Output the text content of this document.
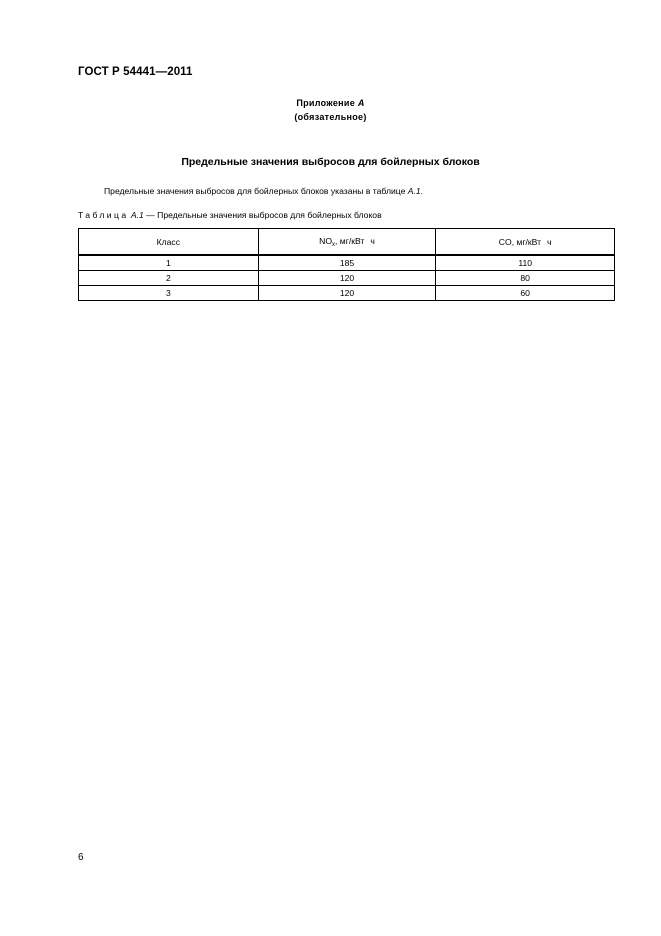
ГОСТ Р 54441—2011
Приложение А
(обязательное)
Предельные значения выбросов для бойлерных блоков
Предельные значения выбросов для бойлерных блоков указаны в таблице А.1.
Таблица А.1 — Предельные значения выбросов для бойлерных блоков
Класс	$NO_x$, мг/кВт ч	CO, мг/кВт ч
1	185	110
2	120	80
3	120	60
6
